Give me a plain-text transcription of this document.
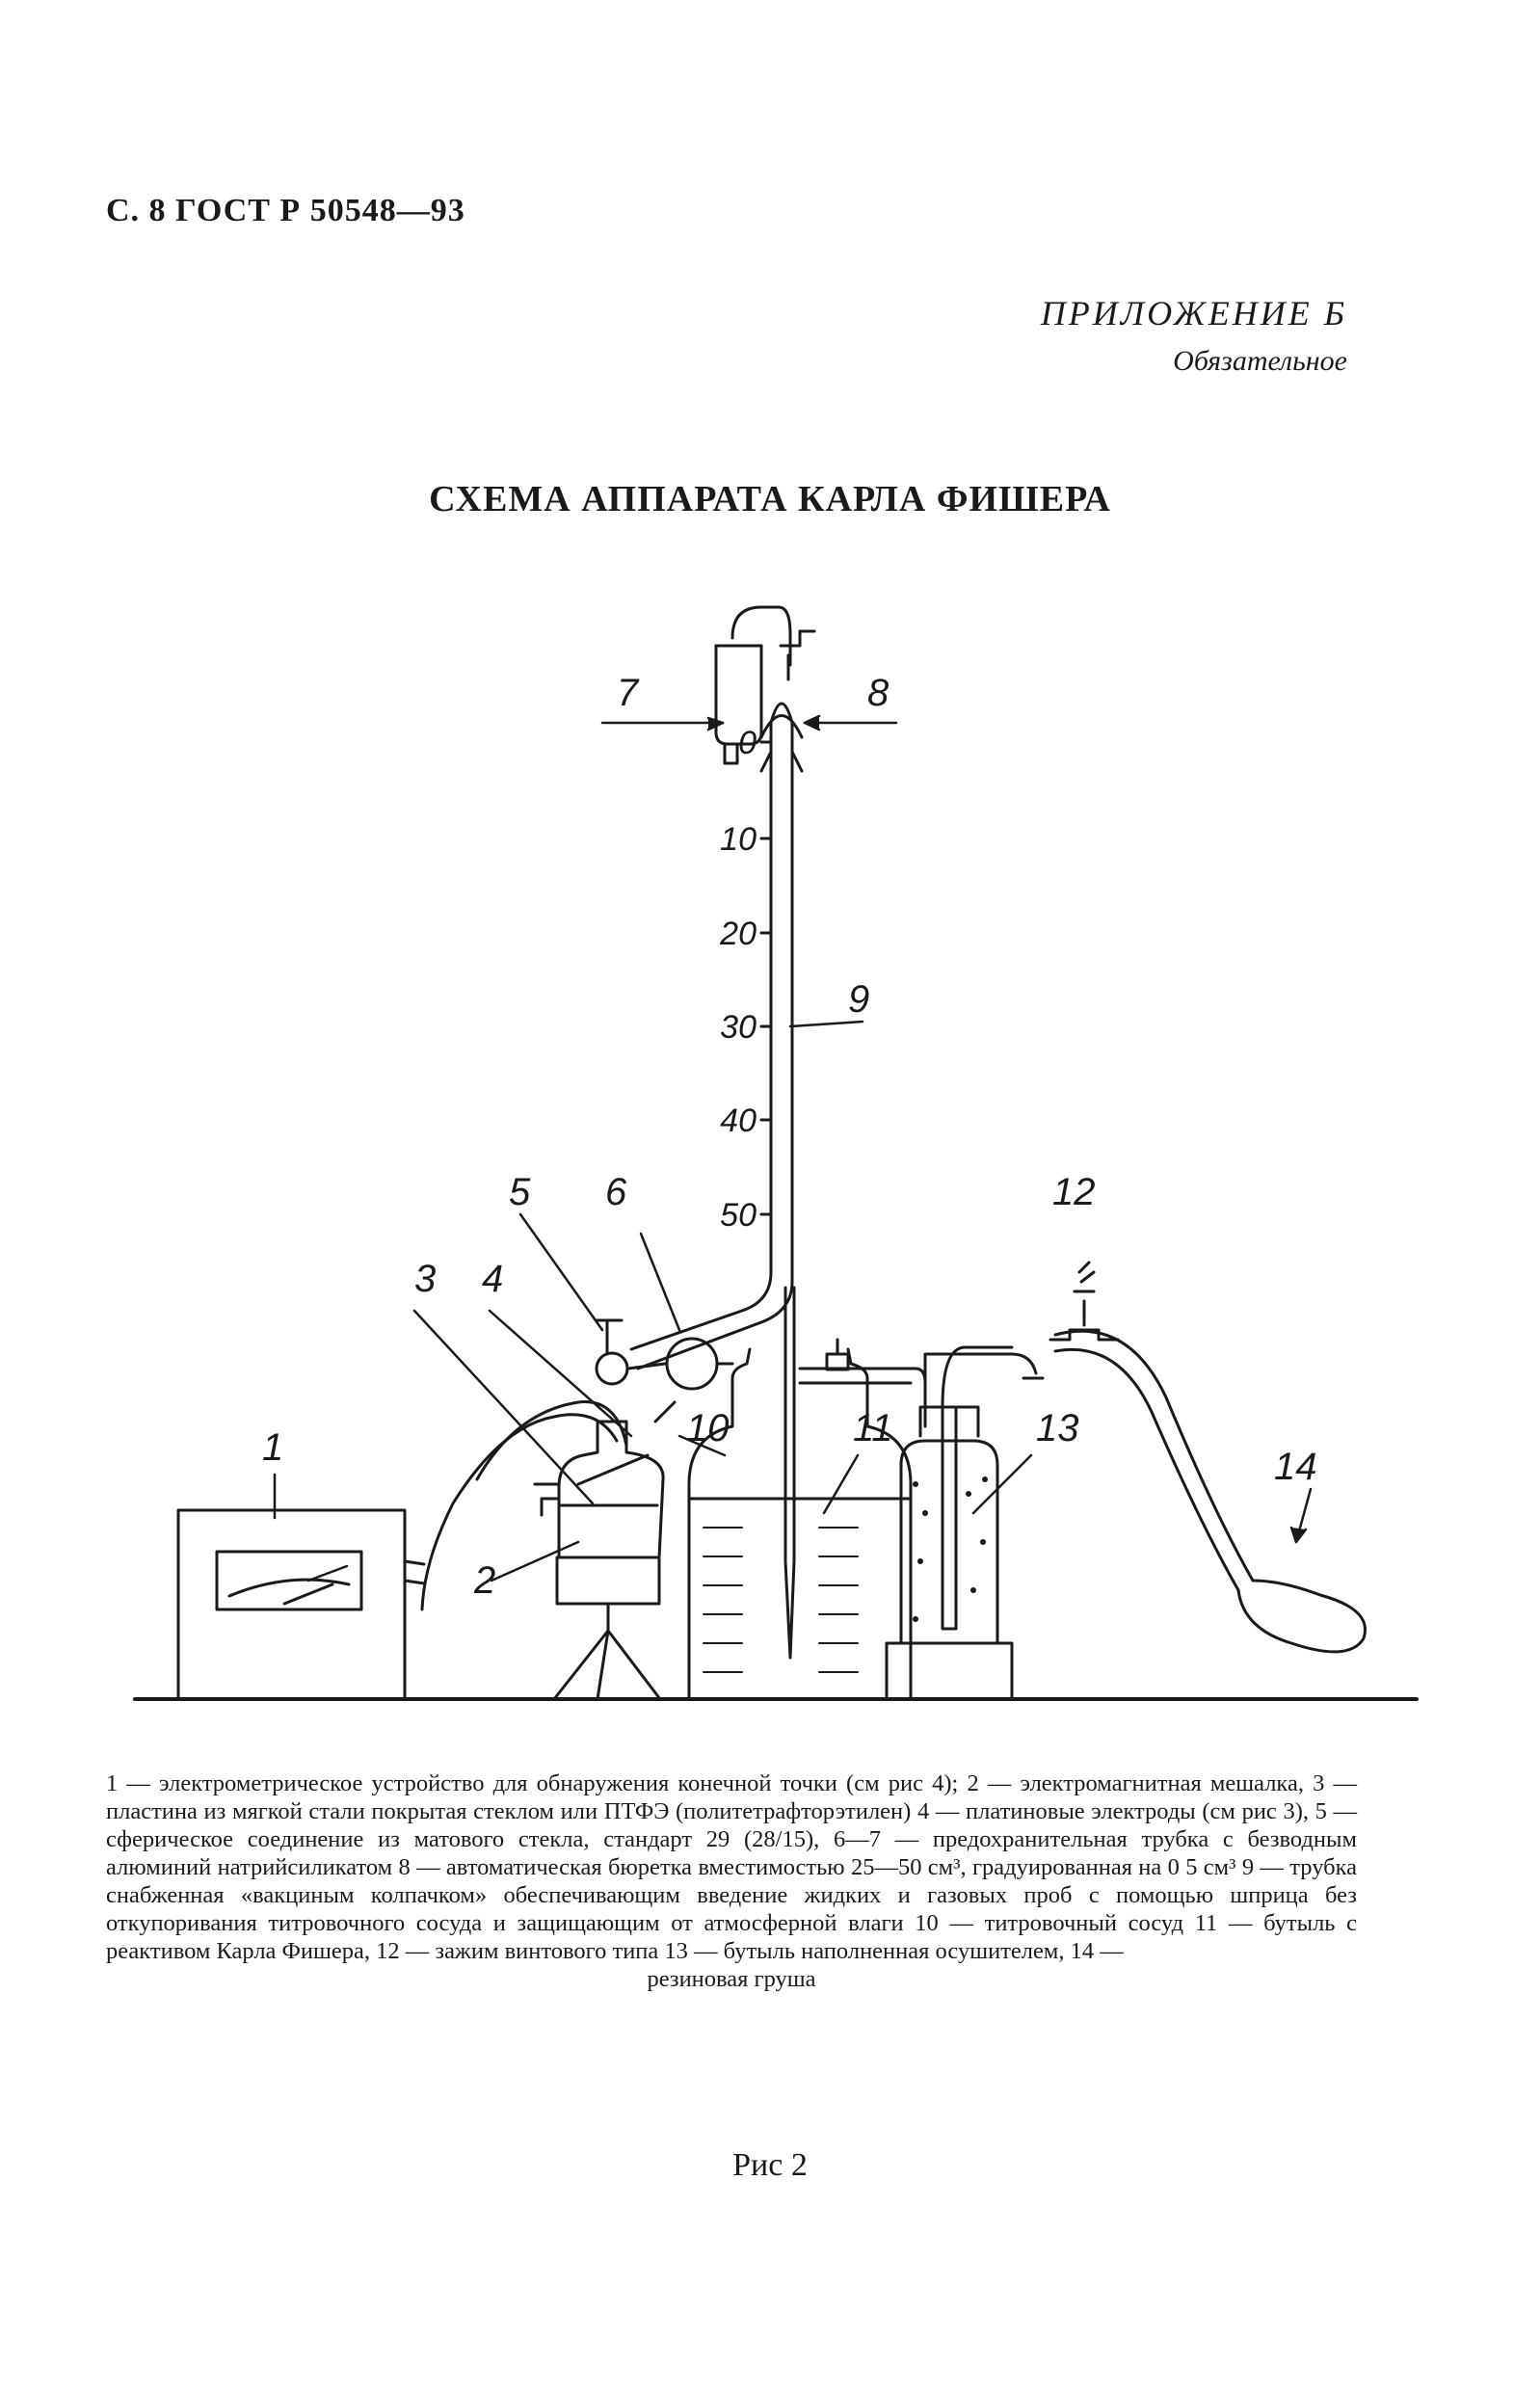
С. 8 ГОСТ Р 50548—93
ПРИЛОЖЕНИЕ Б
Обязательное
СХЕМА АППАРАТА КАРЛА ФИШЕРА
1
2
3 4
5 6
7	8
9
10	11
12
13
14
0
10
20
30
40
50

1 — электрометрическое устройство для обнаружения конечной точки (см рис 4); 2 — электромагнитная мешалка, 3 — пластина из мягкой стали покрытая стеклом или ПТФЭ (политетрафторэтилен) 4 — платиновые электроды (см рис 3), 5 — сферическое соединение из матового стекла, стандарт 29 (28/15), 6—7 — предохранительная трубка с безводным алюминий натрийсиликатом 8 — автоматическая бюретка вместимостью 25—50 см³, градуированная на 0 5 см³ 9 — трубка снабженная «вакциным колпачком» обеспечивающим введение жидких и газовых проб с помощью шприца без откупоривания титровочного сосуда и защищающим от атмосферной влаги 10 — титровочный сосуд 11 — бутыль с реактивом Карла Фишера, 12 — зажим винтового типа 13 — бутыль наполненная осушителем, 14 —

резиновая груша

Рис 2
